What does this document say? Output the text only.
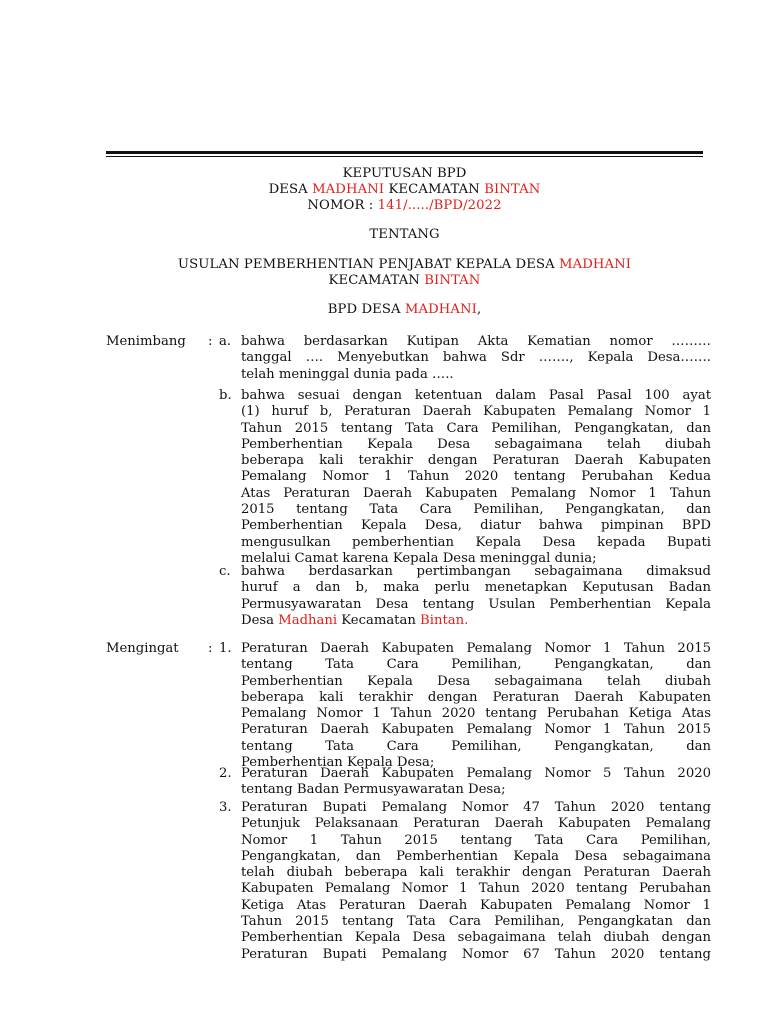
KEPUTUSAN BPD
DESA MADHANI KECAMATAN BINTAN
NOMOR : 141/...../BPD/2022
TENTANG
USULAN PEMBERHENTIAN PENJABAT KEPALA DESA MADHANI
KECAMATAN BINTAN
BPD DESA MADHANI,
Menimbang : a. bahwa berdasarkan Kutipan Akta Kematian nomor ………
tanggal …. Menyebutkan bahwa Sdr ……., Kepala Desa…….
telah meninggal dunia pada …..
b. bahwa sesuai dengan ketentuan dalam Pasal Pasal 100 ayat
(1) huruf b, Peraturan Daerah Kabupaten Pemalang Nomor 1
Tahun 2015 tentang Tata Cara Pemilihan, Pengangkatan, dan
Pemberhentian Kepala Desa sebagaimana telah diubah
beberapa kali terakhir dengan Peraturan Daerah Kabupaten
Pemalang Nomor 1 Tahun 2020 tentang Perubahan Kedua
Atas Peraturan Daerah Kabupaten Pemalang Nomor 1 Tahun
2015 tentang Tata Cara Pemilihan, Pengangkatan, dan
Pemberhentian Kepala Desa, diatur bahwa pimpinan BPD
mengusulkan pemberhentian Kepala Desa kepada Bupati
melalui Camat karena Kepala Desa meninggal dunia;
c. bahwa berdasarkan pertimbangan sebagaimana dimaksud
huruf a dan b, maka perlu menetapkan Keputusan Badan
Permusyawaratan Desa tentang Usulan Pemberhentian Kepala
Desa Madhani Kecamatan Bintan.
Mengingat : 1. Peraturan Daerah Kabupaten Pemalang Nomor 1 Tahun 2015
tentang Tata Cara Pemilihan, Pengangkatan, dan
Pemberhentian Kepala Desa sebagaimana telah diubah
beberapa kali terakhir dengan Peraturan Daerah Kabupaten
Pemalang Nomor 1 Tahun 2020 tentang Perubahan Ketiga Atas
Peraturan Daerah Kabupaten Pemalang Nomor 1 Tahun 2015
tentang Tata Cara Pemilihan, Pengangkatan, dan
Pemberhentian Kepala Desa;
2. Peraturan Daerah Kabupaten Pemalang Nomor 5 Tahun 2020
tentang Badan Permusyawaratan Desa;
3. Peraturan Bupati Pemalang Nomor 47 Tahun 2020 tentang
Petunjuk Pelaksanaan Peraturan Daerah Kabupaten Pemalang
Nomor 1 Tahun 2015 tentang Tata Cara Pemilihan,
Pengangkatan, dan Pemberhentian Kepala Desa sebagaimana
telah diubah beberapa kali terakhir dengan Peraturan Daerah
Kabupaten Pemalang Nomor 1 Tahun 2020 tentang Perubahan
Ketiga Atas Peraturan Daerah Kabupaten Pemalang Nomor 1
Tahun 2015 tentang Tata Cara Pemilihan, Pengangkatan dan
Pemberhentian Kepala Desa sebagaimana telah diubah dengan
Peraturan Bupati Pemalang Nomor 67 Tahun 2020 tentang
